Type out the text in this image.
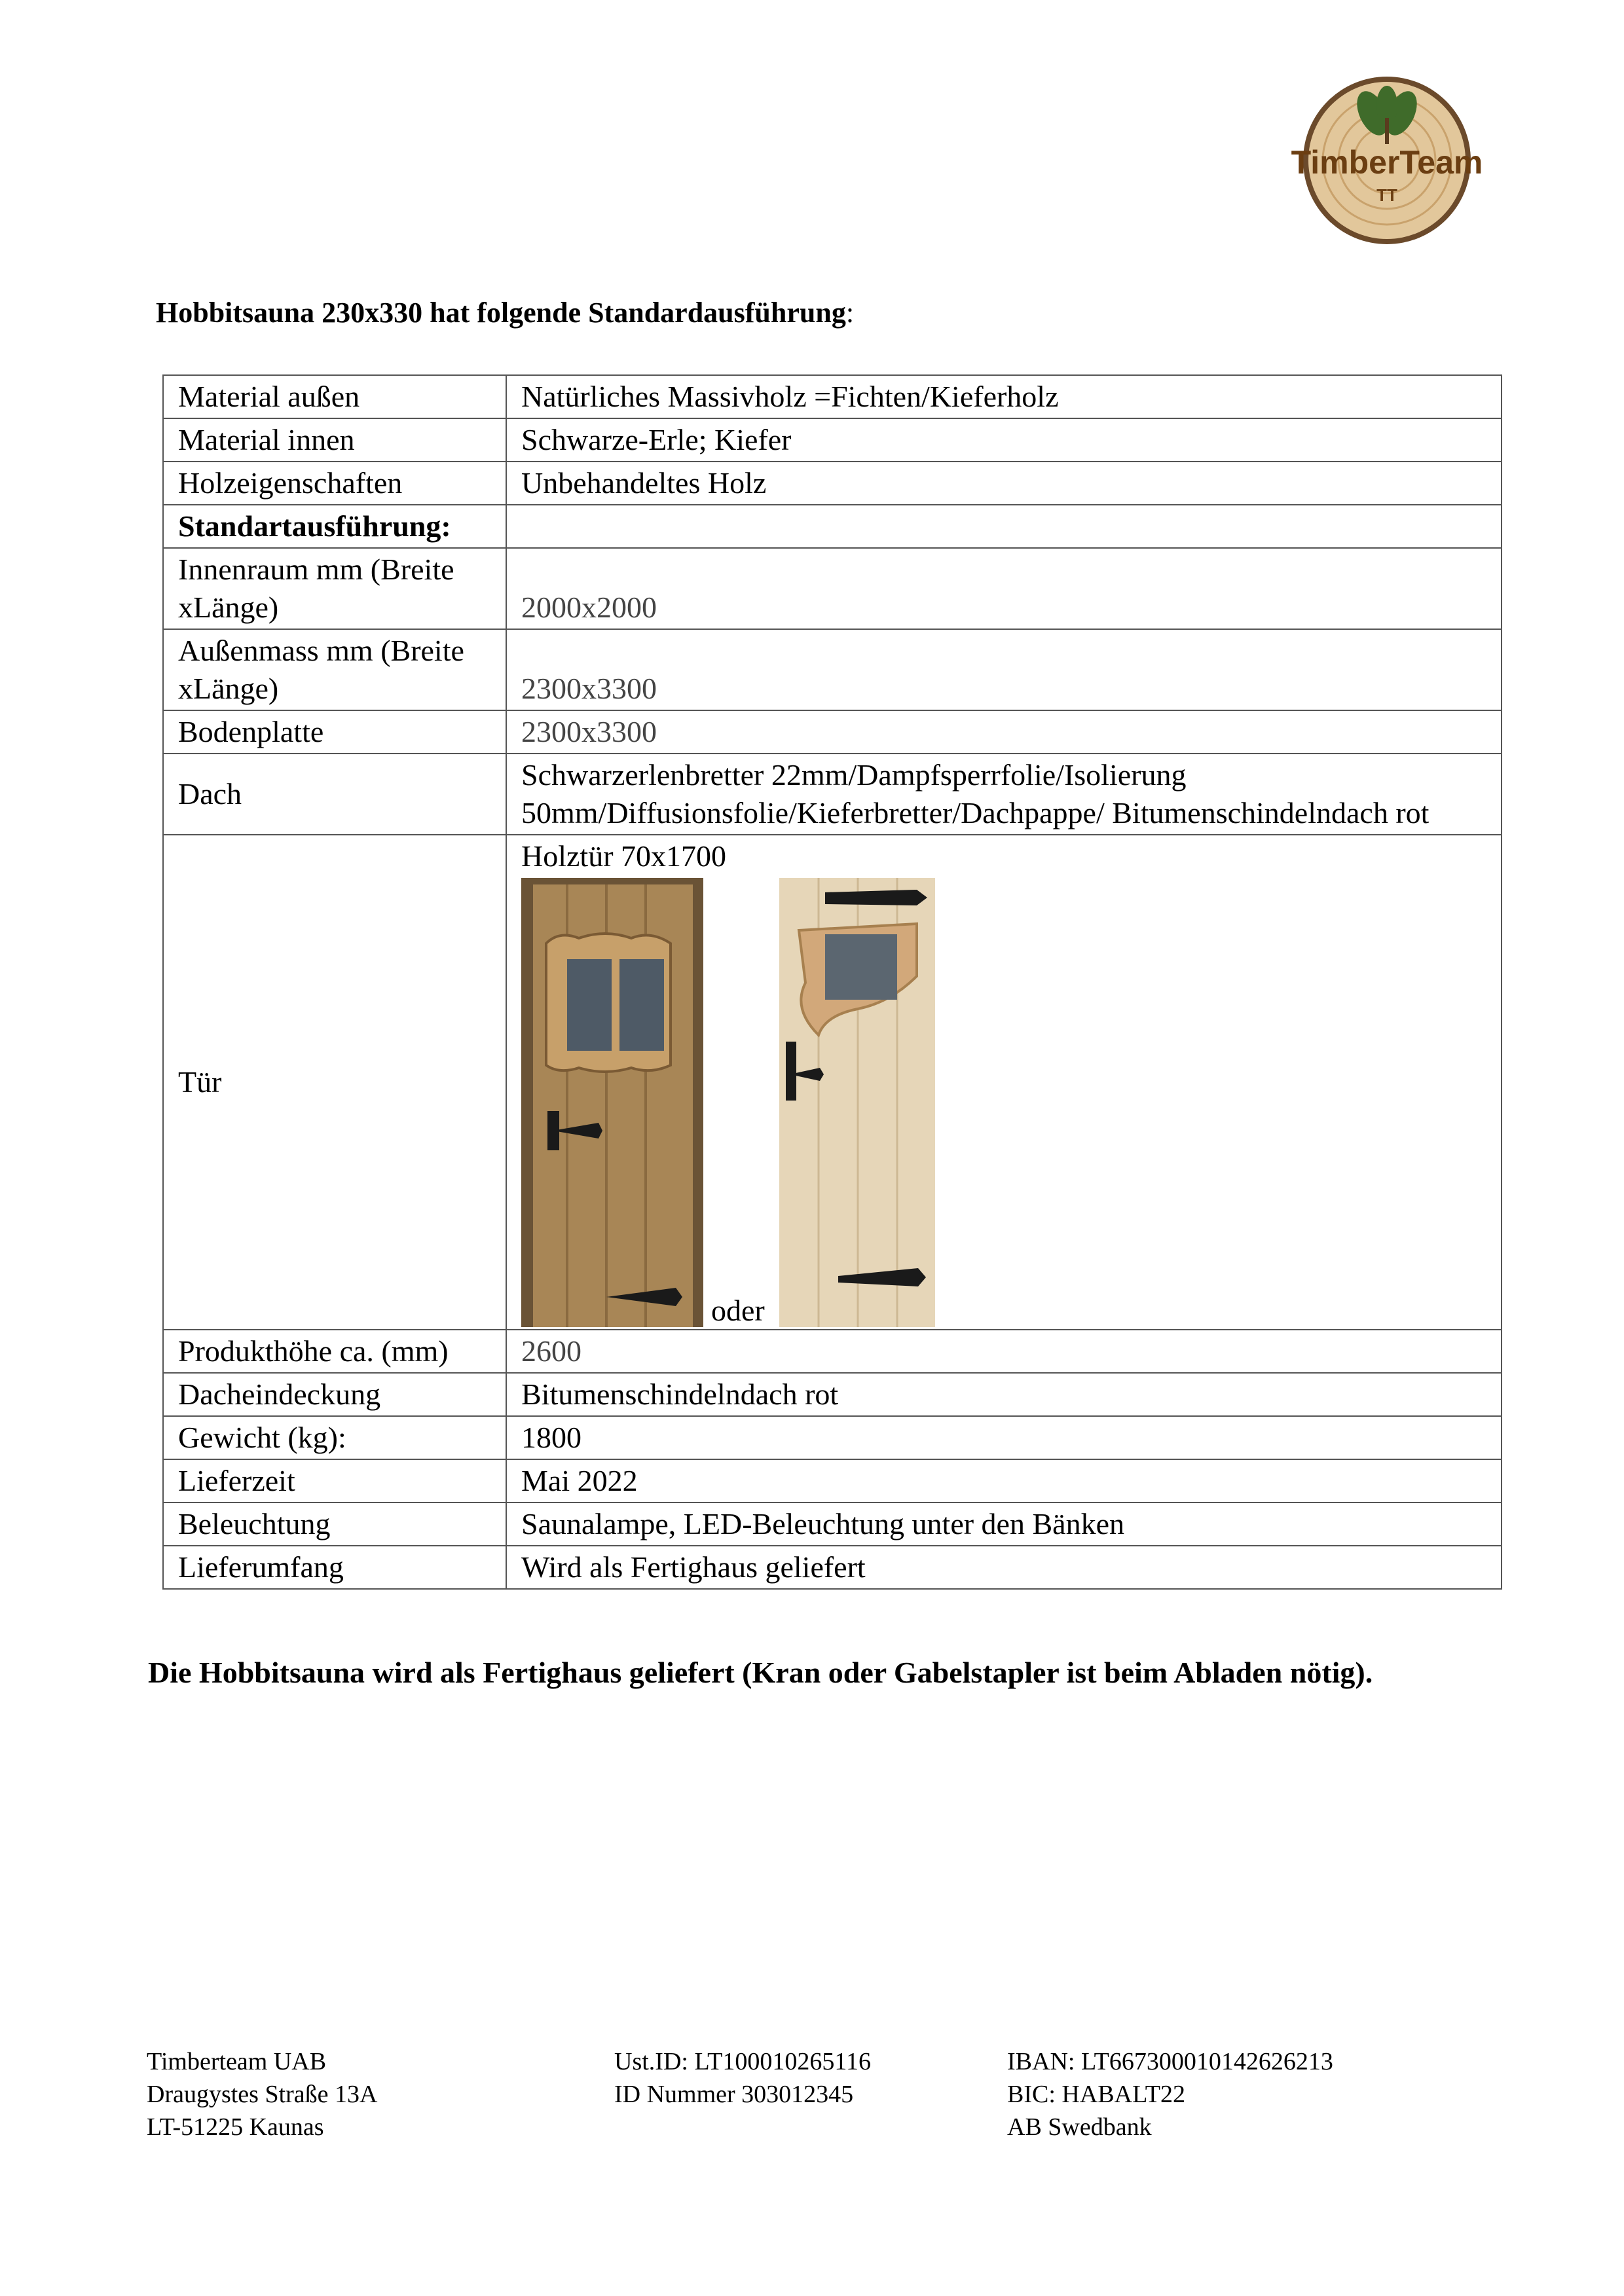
TimberTeam
TT
Hobbitsauna 230x330 hat folgende Standardausführung:
Material außen	Natürliches Massivholz =Fichten/Kieferholz
Material innen	Schwarze-Erle; Kiefer
Holzeigenschaften	Unbehandeltes Holz
Standartausführung:	
Innenraum mm (Breite xLänge)	2000x2000
Außenmass mm (Breite xLänge)	2300x3300
Bodenplatte	2300x3300
Dach	Schwarzerlenbretter 22mm/Dampfsperrfolie/Isolierung 50mm/Diffusionsfolie/Kieferbretter/Dachpappe/ Bitumenschindelndach rot
Tür	Holztür 70x1700
oder

Produkthöhe ca. (mm)	2600
Dacheindeckung	Bitumenschindelndach rot
Gewicht (kg):	1800
Lieferzeit	Mai 2022
Beleuchtung	Saunalampe, LED-Beleuchtung unter den Bänken
Lieferumfang	Wird als Fertighaus geliefert

Die Hobbitsauna wird als Fertighaus geliefert (Kran oder Gabelstapler ist beim Abladen nötig).

Timberteam UAB
Draugystes Straße 13A
LT-51225 Kaunas
Ust.ID: LT100010265116
ID Nummer 303012345
IBAN: LT667300010142626213
BIC: HABALT22
AB Swedbank
